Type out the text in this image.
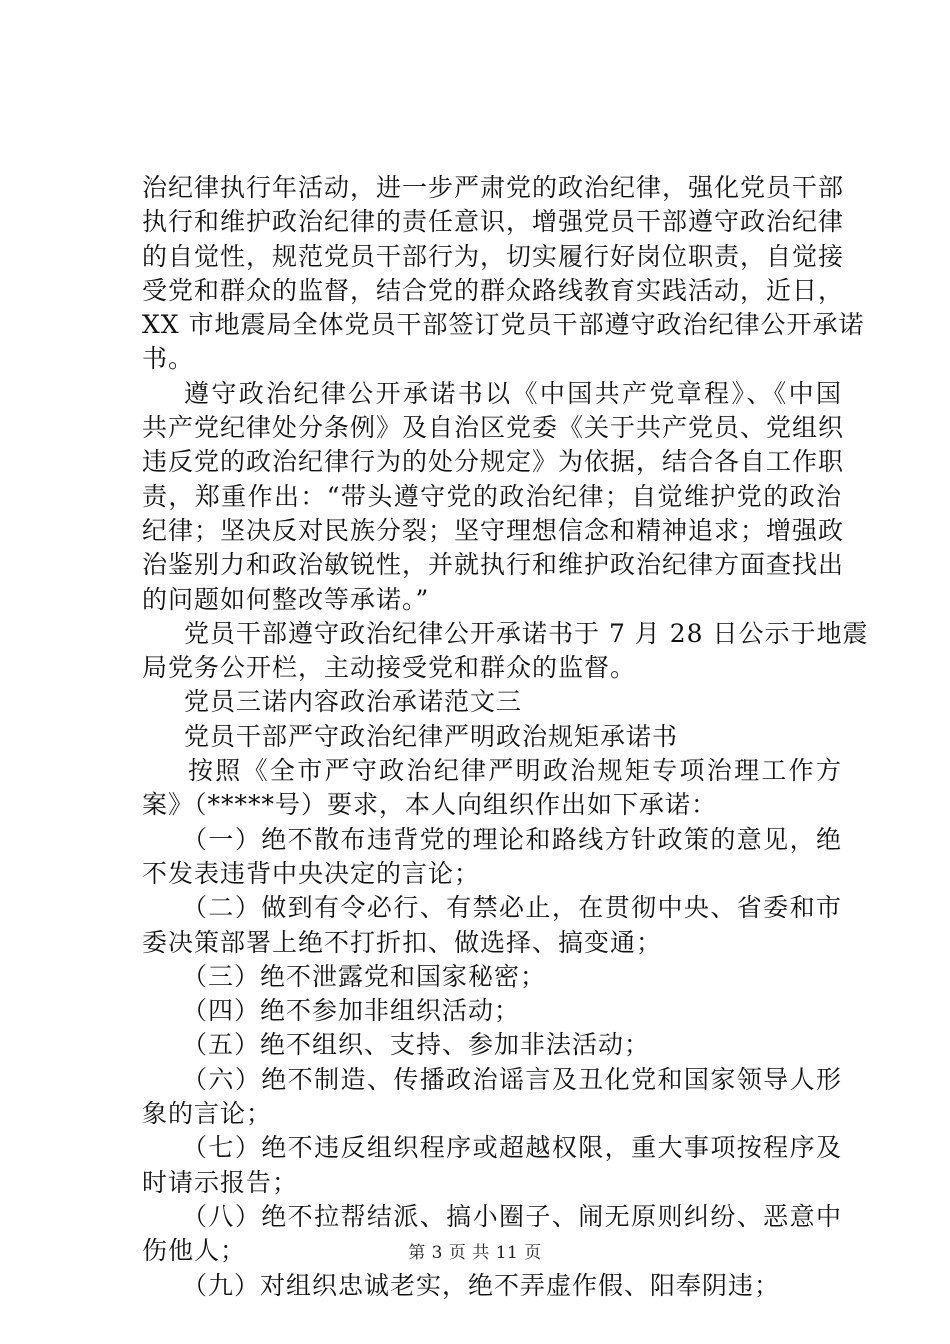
治纪律执行年活动，进一步严肃党的政治纪律，强化党员干部
执行和维护政治纪律的责任意识，增强党员干部遵守政治纪律
的自觉性，规范党员干部行为，切实履行好岗位职责，自觉接
受党和群众的监督，结合党的群众路线教育实践活动，近日，
XX 市地震局全体党员干部签订党员干部遵守政治纪律公开承诺
书。
遵守政治纪律公开承诺书以《中国共产党章程》、《中国
共产党纪律处分条例》及自治区党委《关于共产党员、党组织
违反党的政治纪律行为的处分规定》为依据，结合各自工作职
责，郑重作出：“带头遵守党的政治纪律；自觉维护党的政治
纪律；坚决反对民族分裂；坚守理想信念和精神追求；增强政
治鉴别力和政治敏锐性，并就执行和维护政治纪律方面查找出
的问题如何整改等承诺。”
党员干部遵守政治纪律公开承诺书于 7 月 28 日公示于地震
局党务公开栏，主动接受党和群众的监督。
党员三诺内容政治承诺范文三
党员干部严守政治纪律严明政治规矩承诺书
按照《全市严守政治纪律严明政治规矩专项治理工作方
案》（*****号）要求，本人向组织作出如下承诺：
（一）绝不散布违背党的理论和路线方针政策的意见，绝
不发表违背中央决定的言论；
（二）做到有令必行、有禁必止，在贯彻中央、省委和市
委决策部署上绝不打折扣、做选择、搞变通；
（三）绝不泄露党和国家秘密；
（四）绝不参加非组织活动；
（五）绝不组织、支持、参加非法活动；
（六）绝不制造、传播政治谣言及丑化党和国家领导人形
象的言论；
（七）绝不违反组织程序或超越权限，重大事项按程序及
时请示报告；
（八）绝不拉帮结派、搞小圈子、闹无原则纠纷、恶意中
伤他人；
（九）对组织忠诚老实，绝不弄虚作假、阳奉阴违；
第 3 页 共 11 页
